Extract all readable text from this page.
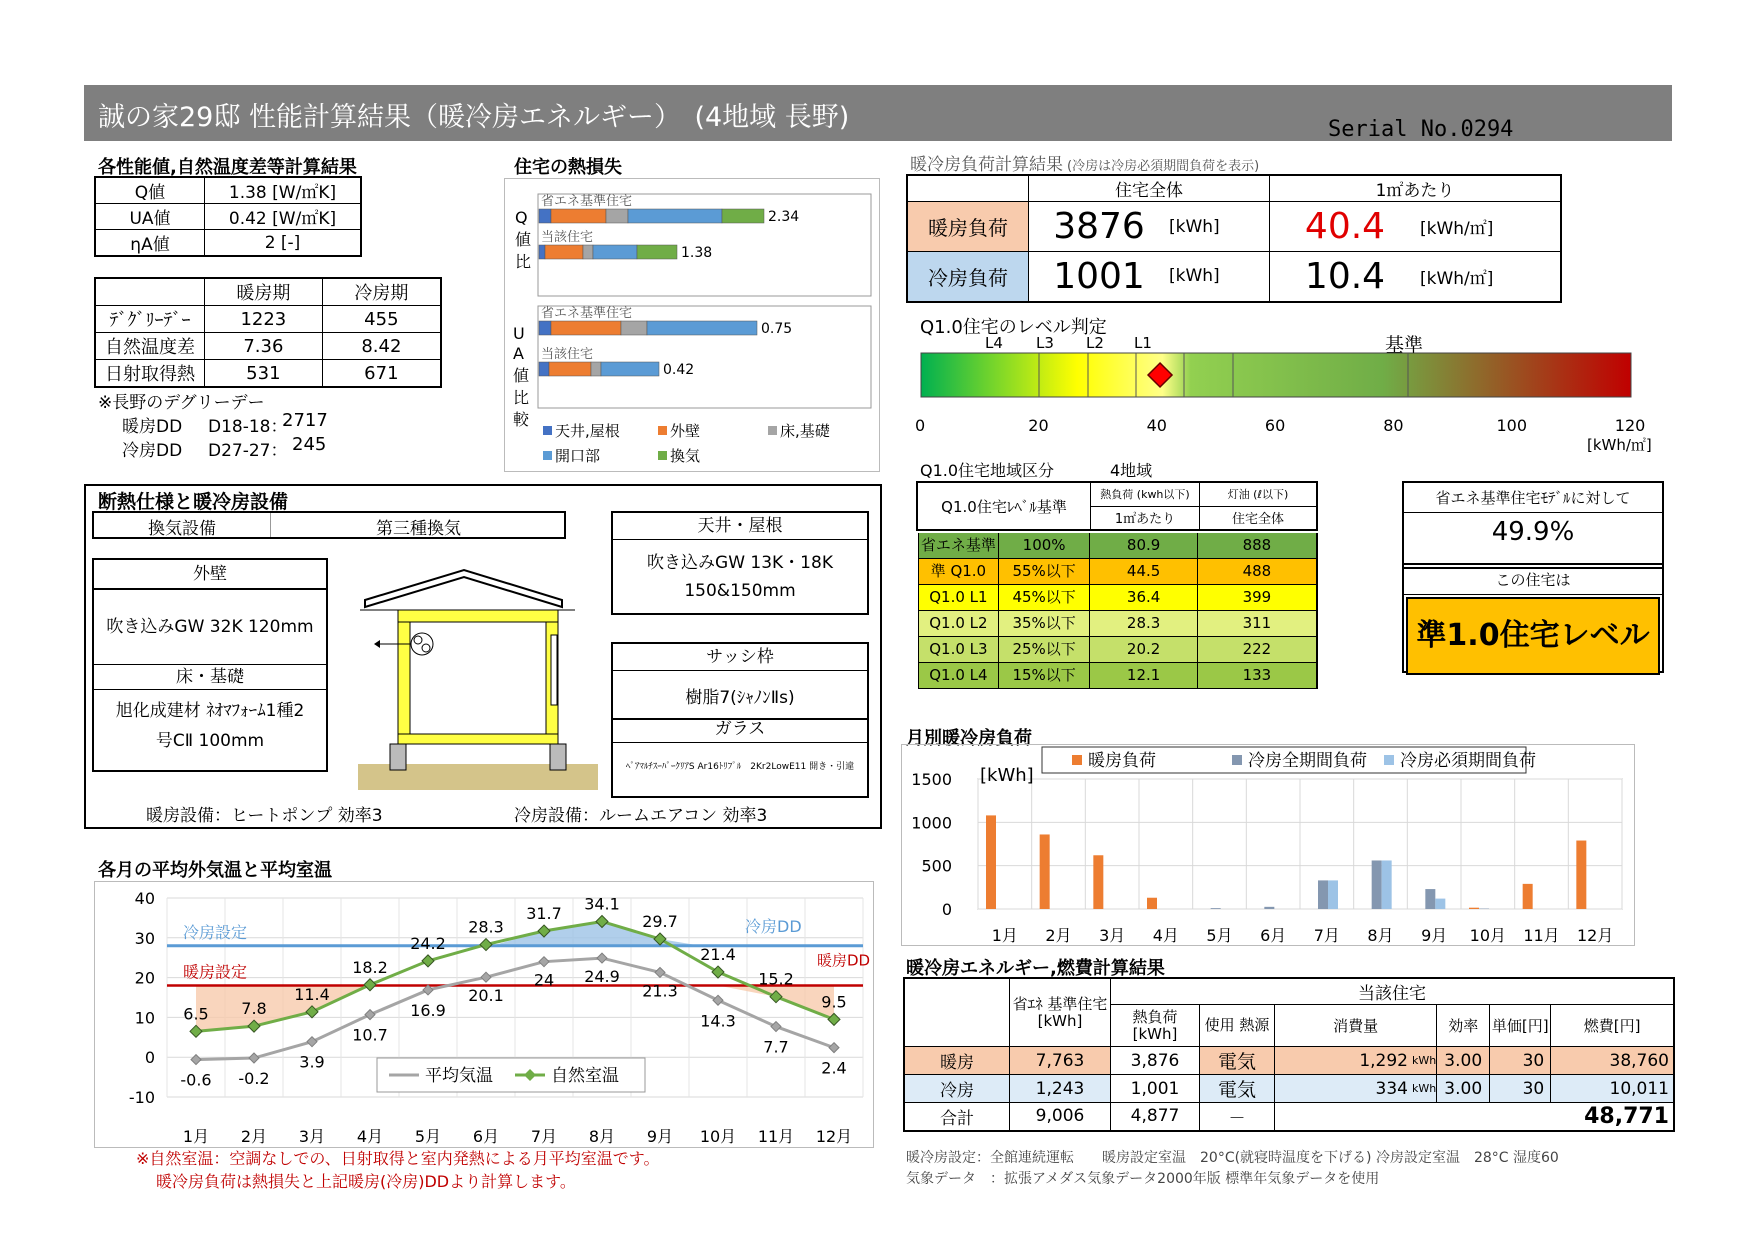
誠の家29邸 性能計算結果（暖冷房エネルギー）　(4地域 長野)	Serial No.0294
各性能値,自然温度差等計算結果
Q値	1.38 [W/㎡K]
UA値	0.42 [W/㎡K]
ηA値	2 [-]
	暖房期	冷房期
ﾃﾞｸﾞﾘｰﾃﾞｰ	1223	455
自然温度差	7.36	8.42
日射取得熱	531	671
※長野のデグリーデー
暖房DD D18-18：
2717
冷房DD D27-27： 245
住宅の熱損失
省エネ基準住宅
2.34
当該住宅
1.38
省エネ基準住宅
0.75
当該住宅
0.42
Q
値
比
U
A
値
比
較
天井,屋根	外壁	床,基礎
開口部	換気
暖冷房負荷計算結果 (冷房は冷房必須期間負荷を表示)
	住宅全体		1㎡あたり	
暖房負荷	3876	[kWh]	40.4	[kWh/㎡]
冷房負荷	1001	[kWh]	10.4	[kWh/㎡]
Q1.0住宅のレベル判定
L4 L3 L2 L1	基準
0	20	40	60	80	100	120
[kWh/㎡]
Q1.0住宅地域区分	4地域
Q1.0住宅ﾚﾍﾞﾙ基準	熱負荷 (kwh以下)	灯油 (ℓ以下)
	1㎡あたり	住宅全体
省エネ基準	100%	80.9	888
準 Q1.0	55%以下	44.5	488
Q1.0 L1	45%以下	36.4	399
Q1.0 L2	35%以下	28.3	311
Q1.0 L3	25%以下	20.2	222
Q1.0 L4	15%以下	12.1	133
省エネ基準住宅ﾓﾃﾞﾙに対して
49.9%
この住宅は
準1.0住宅レベル
断熱仕様と暖冷房設備
換気設備	第三種換気
外壁
吹き込みGW 32K 120mm
床・基礎
旭化成建材 ﾈｵﾏﾌｫｰﾑ1種2号CⅡ 100mm
天井・屋根
吹き込みGW 13K・18K
150&150mm
サッシ枠
樹脂7(ｼｬﾉﾝⅡs)
ガラス
ﾍﾟｱﾏﾙﾁｽｰﾊﾟｰｸﾘｱS Ar16ﾄﾘﾌﾟﾙ　2Kr2LowE11 開き・引違
暖房設備：ヒートポンプ 効率3	冷房設備：ルームエアコン 効率3
各月の平均外気温と平均室温
40
30
20
10
0
-10
冷房設定
暖房設定
冷房DD
暖房DD
-0.6 -0.2
3.9
10.7
16.9
20.1
24 24.9
21.3
14.3
7.7
2.4
6.5 7.8
11.4
18.2
24.2
28.3
31.7
34.1
29.7
21.4
15.2
9.5
1月 2月 3月 4月 5月 6月 7月 8月 9月 10月 11月 12月
平均気温	自然室温
※自然室温：空調なしでの、日射取得と室内発熱による月平均室温です。
暖冷房負荷は熱損失と上記暖房(冷房)DDより計算します。
月別暖冷房負荷
1500
1000
500
0
[kWh]
1月 2月 3月 4月 5月 6月 7月 8月 9月 10月 11月 12月
暖房負荷	冷房全期間負荷 冷房必須期間負荷
暖冷房エネルギー,燃費計算結果
	省ｴﾈ 基準住宅 [kWh]	当該住宅						
		熱負荷 [kWh]	使用 熱源	消費量		効率	単価[円]	燃費[円]
暖房	7,763	3,876	電気	1,292	kWh	3.00	30	38,760
冷房	1,243	1,001	電気	334	kWh	3.00	30	10,011
合計	9,006	4,877	－					48,771
暖冷房設定：全館連続運転　　暖房設定室温　20°C(就寝時温度を下げる) 冷房設定室温　28°C 湿度60
気象データ　：拡張アメダス気象データ2000年版 標準年気象データを使用
